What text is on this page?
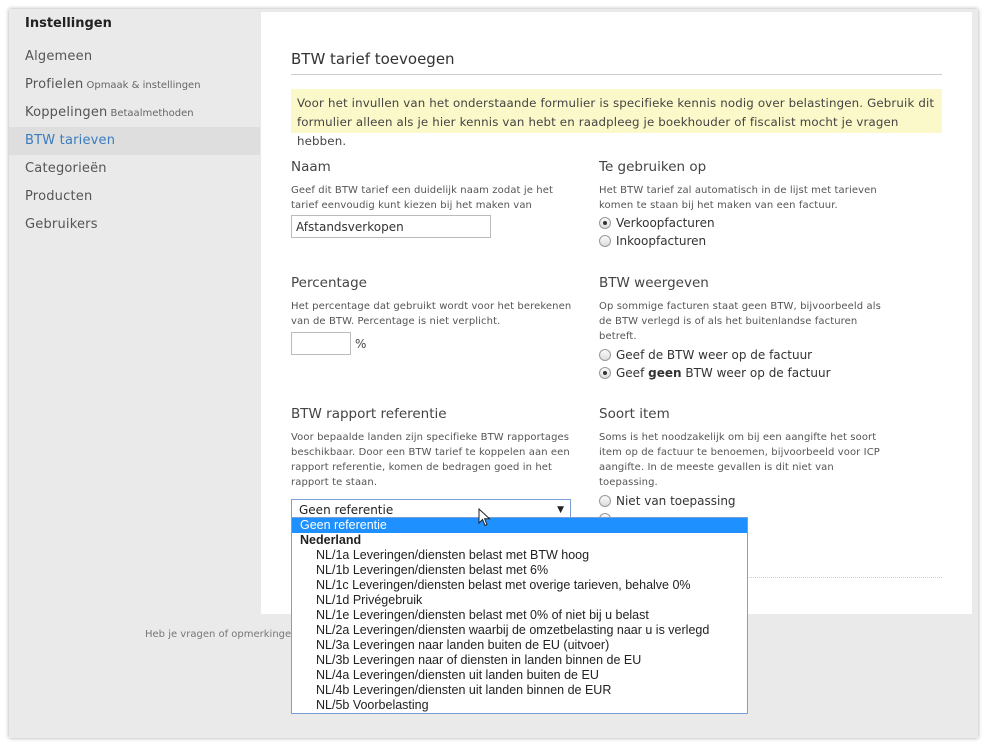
Instellingen
Algemeen
Profielen Opmaak & instellingen
Koppelingen Betaalmethoden
BTW tarieven
Categorieën
Producten
Gebruikers
BTW tarief toevoegen
Voor het invullen van het onderstaande formulier is specifieke kennis nodig over belastingen. Gebruik dit formulier alleen als je hier kennis van hebt en raadpleeg je boekhouder of fiscalist mocht je vragen hebben.
Naam
Geef dit BTW tarief een duidelijk naam zodat je het tarief eenvoudig kunt kiezen bij het maken van
Afstandsverkopen
Te gebruiken op
Het BTW tarief zal automatisch in de lijst met tarieven komen te staan bij het maken van een factuur.
Verkoopfacturen
Inkoopfacturen
Percentage
Het percentage dat gebruikt wordt voor het berekenen van de BTW. Percentage is niet verplicht.
%
BTW weergeven
Op sommige facturen staat geen BTW, bijvoorbeeld als de BTW verlegd is of als het buitenlandse facturen betreft.
Geef de BTW weer op de factuur
Geef geen BTW weer op de factuur
BTW rapport referentie
Voor bepaalde landen zijn specifieke BTW rapportages beschikbaar. Door een BTW tarief te koppelen aan een rapport referentie, komen de bedragen goed in het rapport te staan.
Geen referentie	▼
Soort item
Soms is het noodzakelijk om bij een aangifte het soort item op de factuur te benoemen, bijvoorbeeld voor ICP aangifte. In de meeste gevallen is dit niet van toepassing.
Niet van toepassing
Heb je vragen of opmerkinge
Geen referentie
Nederland
NL/1a Leveringen/diensten belast met BTW hoog
NL/1b Leveringen/diensten belast met 6%
NL/1c Leveringen/diensten belast met overige tarieven, behalve 0%
NL/1d Privégebruik
NL/1e Leveringen/diensten belast met 0% of niet bij u belast
NL/2a Leveringen/diensten waarbij de omzetbelasting naar u is verlegd
NL/3a Leveringen naar landen buiten de EU (uitvoer)
NL/3b Leveringen naar of diensten in landen binnen de EU
NL/4a Leveringen/diensten uit landen buiten de EU
NL/4b Leveringen/diensten uit landen binnen de EUR
NL/5b Voorbelasting
